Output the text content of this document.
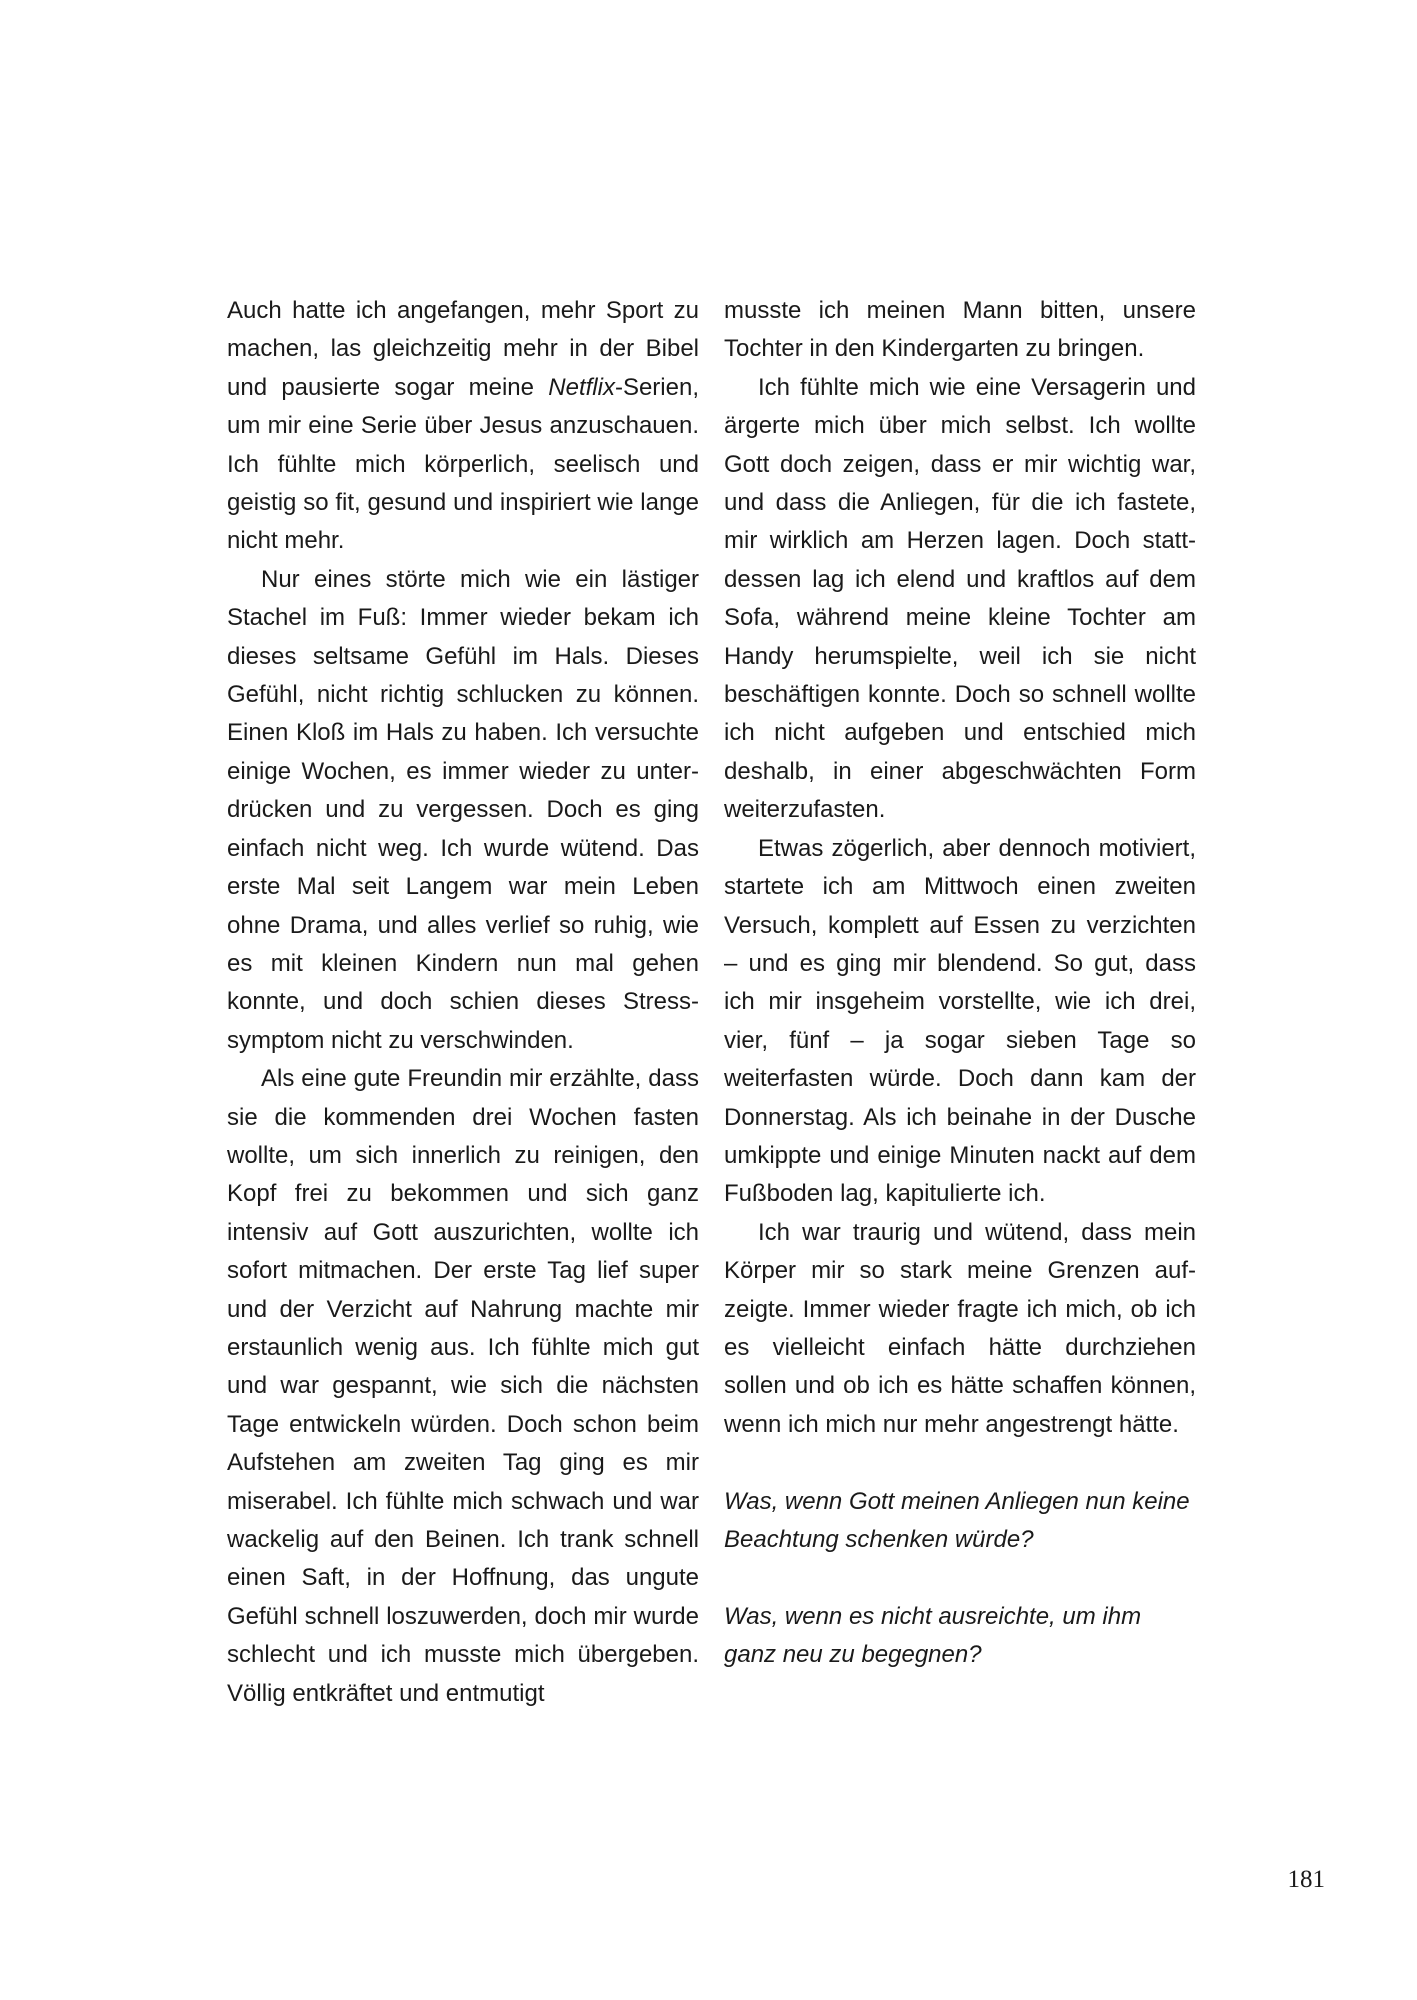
Auch hatte ich angefangen, mehr Sport zu machen, las gleichzeitig mehr in der Bibel und pausierte sogar meine Netflix-Serien, um mir eine Serie über Jesus anzuschauen. Ich fühlte mich körperlich, seelisch und geistig so fit, gesund und inspiriert wie lange nicht mehr.

Nur eines störte mich wie ein lästiger Stachel im Fuß: Immer wieder bekam ich dieses seltsame Gefühl im Hals. Dieses Gefühl, nicht richtig schlucken zu können. Einen Kloß im Hals zu haben. Ich versuchte einige Wochen, es immer wieder zu unterdrücken und zu vergessen. Doch es ging einfach nicht weg. Ich wurde wütend. Das erste Mal seit Langem war mein Leben ohne Drama, und alles verlief so ruhig, wie es mit kleinen Kindern nun mal gehen konnte, und doch schien dieses Stresssymptom nicht zu verschwinden.

Als eine gute Freundin mir erzählte, dass sie die kommenden drei Wochen fasten wollte, um sich innerlich zu reinigen, den Kopf frei zu bekommen und sich ganz intensiv auf Gott auszurichten, wollte ich sofort mitmachen. Der erste Tag lief super und der Verzicht auf Nahrung machte mir erstaunlich wenig aus. Ich fühlte mich gut und war gespannt, wie sich die nächsten Tage entwickeln würden. Doch schon beim Aufstehen am zweiten Tag ging es mir miserabel. Ich fühlte mich schwach und war wackelig auf den Beinen. Ich trank schnell einen Saft, in der Hoffnung, das ungute Gefühl schnell loszuwerden, doch mir wurde schlecht und ich musste mich übergeben. Völlig entkräftet und entmutigt

musste ich meinen Mann bitten, unsere Tochter in den Kindergarten zu bringen.

Ich fühlte mich wie eine Versagerin und ärgerte mich über mich selbst. Ich wollte Gott doch zeigen, dass er mir wichtig war, und dass die Anliegen, für die ich fastete, mir wirklich am Herzen lagen. Doch stattdessen lag ich elend und kraftlos auf dem Sofa, während meine kleine Tochter am Handy herumspielte, weil ich sie nicht beschäftigen konnte. Doch so schnell wollte ich nicht aufgeben und entschied mich deshalb, in einer abgeschwächten Form weiterzufasten.

Etwas zögerlich, aber dennoch motiviert, startete ich am Mittwoch einen zweiten Versuch, komplett auf Essen zu verzichten – und es ging mir blendend. So gut, dass ich mir insgeheim vorstellte, wie ich drei, vier, fünf – ja sogar sieben Tage so weiterfasten würde. Doch dann kam der Donnerstag. Als ich beinahe in der Dusche umkippte und einige Minuten nackt auf dem Fußboden lag, kapitulierte ich.

Ich war traurig und wütend, dass mein Körper mir so stark meine Grenzen aufzeigte. Immer wieder fragte ich mich, ob ich es vielleicht einfach hätte durchziehen sollen und ob ich es hätte schaffen können, wenn ich mich nur mehr angestrengt hätte.

Was, wenn Gott meinen Anliegen nun keine Beachtung schenken würde?

Was, wenn es nicht ausreichte, um ihm ganz neu zu begegnen?

181
